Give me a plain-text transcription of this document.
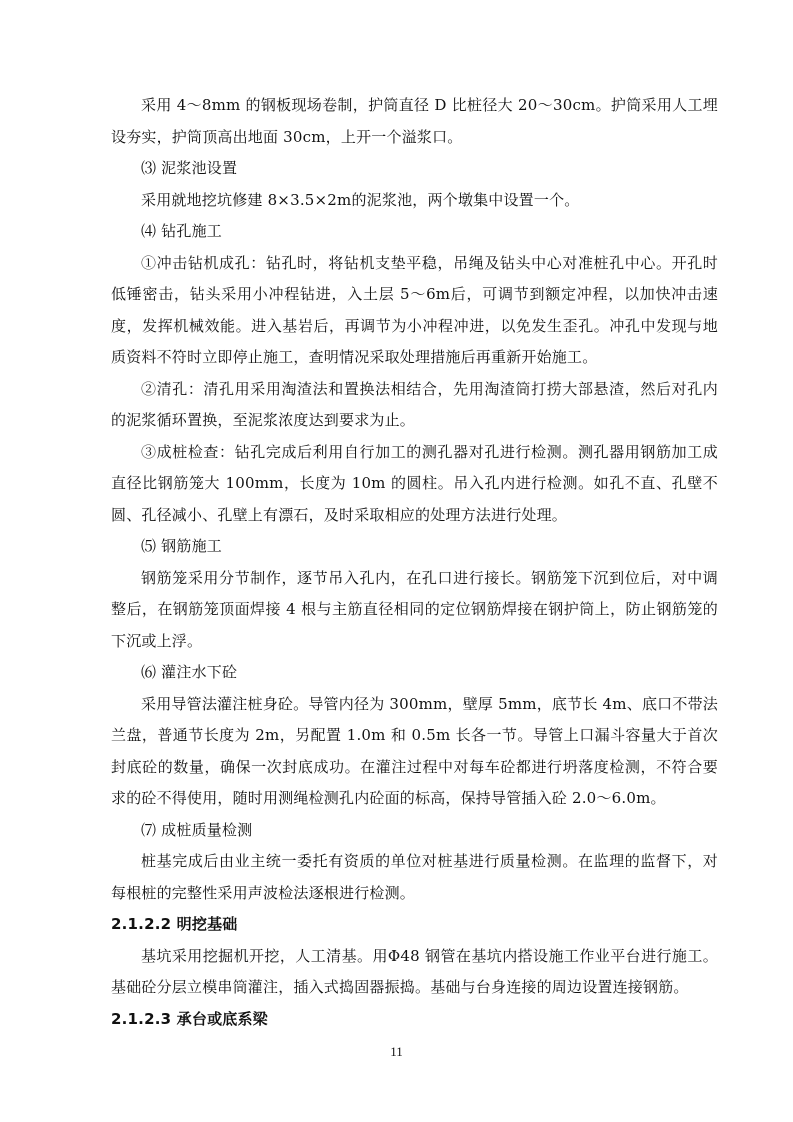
采用 4～8mm 的钢板现场卷制，护筒直径 D 比桩径大 20～30cm。护筒采用人工埋设夯实，护筒顶高出地面 30cm，上开一个溢浆口。

⑶ 泥浆池设置

采用就地挖坑修建 8×3.5×2m的泥浆池，两个墩集中设置一个。

⑷ 钻孔施工

①冲击钻机成孔：钻孔时，将钻机支垫平稳，吊绳及钻头中心对准桩孔中心。开孔时低锤密击，钻头采用小冲程钻进，入土层 5～6m后，可调节到额定冲程，以加快冲击速度，发挥机械效能。进入基岩后，再调节为小冲程冲进，以免发生歪孔。冲孔中发现与地质资料不符时立即停止施工，查明情况采取处理措施后再重新开始施工。

②清孔：清孔用采用淘渣法和置换法相结合，先用淘渣筒打捞大部悬渣，然后对孔内的泥浆循环置换，至泥浆浓度达到要求为止。

③成桩检查：钻孔完成后利用自行加工的测孔器对孔进行检测。测孔器用钢筋加工成直径比钢筋笼大 100mm，长度为 10m 的圆柱。吊入孔内进行检测。如孔不直、孔壁不圆、孔径减小、孔壁上有漂石，及时采取相应的处理方法进行处理。

⑸ 钢筋施工

钢筋笼采用分节制作，逐节吊入孔内，在孔口进行接长。钢筋笼下沉到位后，对中调整后，在钢筋笼顶面焊接 4 根与主筋直径相同的定位钢筋焊接在钢护筒上，防止钢筋笼的下沉或上浮。

⑹ 灌注水下砼

采用导管法灌注桩身砼。导管内径为 300mm，壁厚 5mm，底节长 4m、底口不带法兰盘，普通节长度为 2m，另配置 1.0m 和 0.5m 长各一节。导管上口漏斗容量大于首次封底砼的数量，确保一次封底成功。在灌注过程中对每车砼都进行坍落度检测，不符合要求的砼不得使用，随时用测绳检测孔内砼面的标高，保持导管插入砼 2.0～6.0m。

⑺ 成桩质量检测

桩基完成后由业主统一委托有资质的单位对桩基进行质量检测。在监理的监督下，对每根桩的完整性采用声波检法逐根进行检测。

2.1.2.2 明挖基础

基坑采用挖掘机开挖，人工清基。用Φ48 钢管在基坑内搭设施工作业平台进行施工。基础砼分层立模串筒灌注，插入式捣固器振捣。基础与台身连接的周边设置连接钢筋。

2.1.2.3 承台或底系梁

11
